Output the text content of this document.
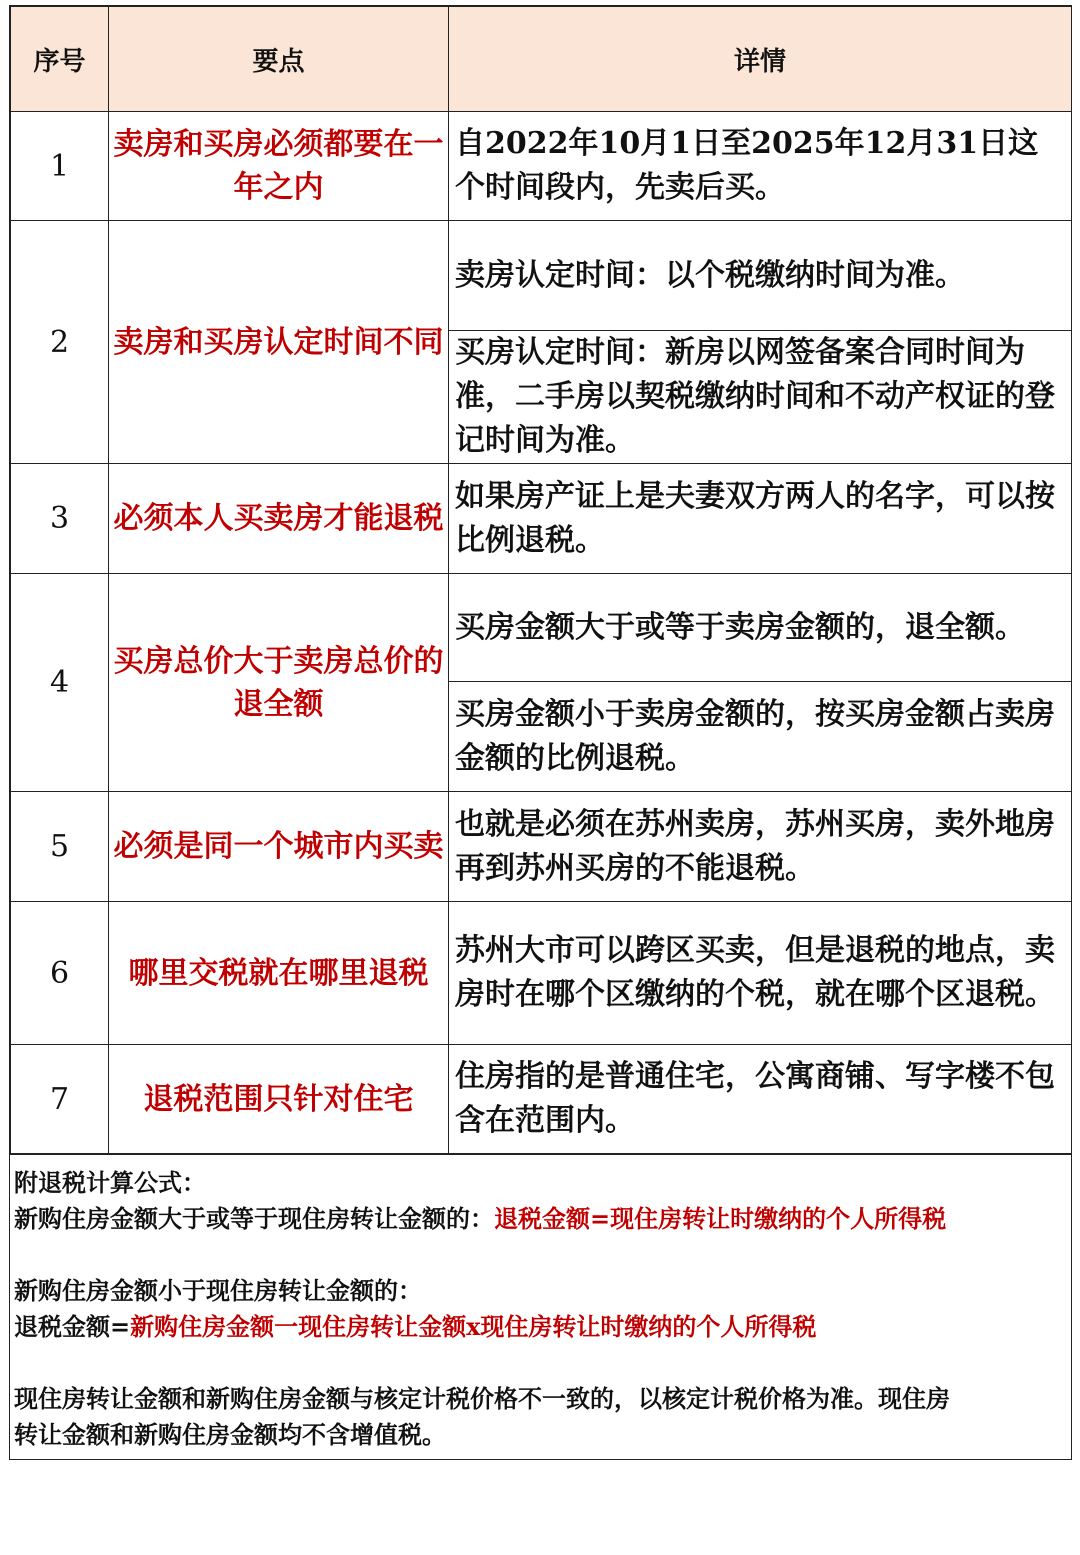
序号	要点	详情
1	卖房和买房必须都要在一年之内	自2022年10月1日至2025年12月31日这个时间段内，先卖后买。
2	卖房和买房认定时间不同	卖房认定时间：以个税缴纳时间为准。
		买房认定时间：新房以网签备案合同时间为准，二手房以契税缴纳时间和不动产权证的登记时间为准。
3	必须本人买卖房才能退税	如果房产证上是夫妻双方两人的名字，可以按比例退税。
4	买房总价大于卖房总价的退全额	买房金额大于或等于卖房金额的，退全额。
		买房金额小于卖房金额的，按买房金额占卖房金额的比例退税。
5	必须是同一个城市内买卖	也就是必须在苏州卖房，苏州买房，卖外地房再到苏州买房的不能退税。
6	哪里交税就在哪里退税	苏州大市可以跨区买卖，但是退税的地点，卖房时在哪个区缴纳的个税，就在哪个区退税。
7	退税范围只针对住宅	住房指的是普通住宅，公寓商铺、写字楼不包含在范围内。
附退税计算公式：
新购住房金额大于或等于现住房转让金额的：退税金额=现住房转让时缴纳的个人所得税
新购住房金额小于现住房转让金额的：
退税金额=新购住房金额一现住房转让金额x现住房转让时缴纳的个人所得税
现住房转让金额和新购住房金额与核定计税价格不一致的，以核定计税价格为准。现住房
转让金额和新购住房金额均不含增值税。
